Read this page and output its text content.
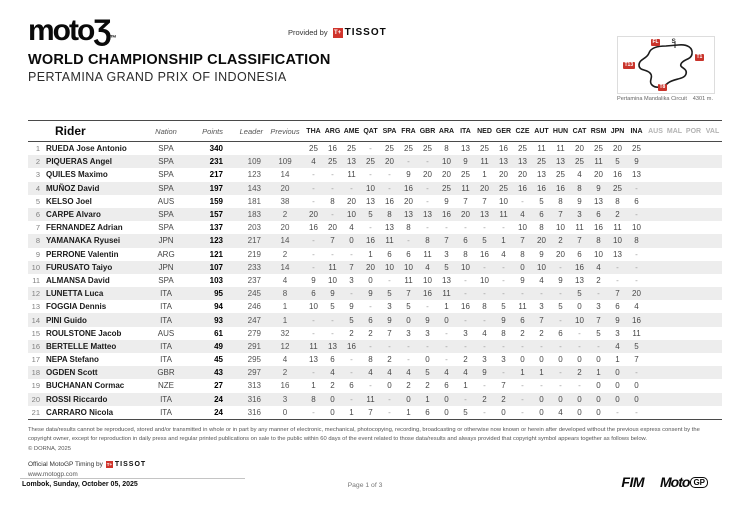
motoƷ™
Provided by T+ TISSOT
WORLD CHAMPIONSHIP CLASSIFICATION
PERTAMINA GRAND PRIX OF INDONESIA
FL S
T1
T13
T8
Pertamina Mandalika Circuit 4301 m.
	Rider	Nation	Points	Leader	Previous	THA	ARG	AME	QAT	SPA	FRA	GBR	ARA	ITA	NED	GER	CZE	AUT	HUN	CAT	RSM	JPN	INA	AUS	MAL	POR	VAL
1	RUEDA Jose Antonio	SPA	340			25	16	25	-	25	25	25	8	13	25	16	25	11	11	20	25	20	25				
2	PIQUERAS Angel	SPA	231	109	109	4	25	13	25	20	-	-	10	9	11	13	13	25	13	25	11	5	9				
3	QUILES Maximo	SPA	217	123	14	-	-	11	-	-	9	20	20	25	1	20	20	13	25	4	20	16	13				
4	MUÑOZ David	SPA	197	143	20	-	-	-	10	-	16	-	25	11	20	25	16	16	16	8	9	25	-				
5	KELSO Joel	AUS	159	181	38	-	8	20	13	16	20	-	9	7	7	10	-	5	8	9	13	8	6				
6	CARPE Alvaro	SPA	157	183	2	20	-	10	5	8	13	13	16	20	13	11	4	6	7	3	6	2	-				
7	FERNANDEZ Adrian	SPA	137	203	20	16	20	4	-	13	8	-	-	-	-	-	10	8	10	11	16	11	10				
8	YAMANAKA Ryusei	JPN	123	217	14	-	7	0	16	11	-	8	7	6	5	1	7	20	2	7	8	10	8				
9	PERRONE Valentin	ARG	121	219	2	-	-	-	1	6	6	11	3	8	16	4	8	9	20	6	10	13	-				
10	FURUSATO Taiyo	JPN	107	233	14	-	11	7	20	10	10	4	5	10	-	-	0	10	-	16	4	-	-				
11	ALMANSA David	SPA	103	237	4	9	10	3	0	-	11	10	13	-	10	-	9	4	9	13	2	-	-				
12	LUNETTA Luca	ITA	95	245	8	6	9	-	9	5	7	16	11	-	-	-	-	-	-	5	-	7	20				
13	FOGGIA Dennis	ITA	94	246	1	10	5	9	-	3	5	-	1	16	8	5	11	3	5	0	3	6	4				
14	PINI Guido	ITA	93	247	1	-	-	5	6	9	0	9	0	-	-	9	6	7	-	10	7	9	16				
15	ROULSTONE Jacob	AUS	61	279	32	-	-	2	2	7	3	3	-	3	4	8	2	2	6	-	5	3	11				
16	BERTELLE Matteo	ITA	49	291	12	11	13	16	-	-	-	-	-	-	-	-	-	-	-	-	-	4	5				
17	NEPA Stefano	ITA	45	295	4	13	6	-	8	2	-	0	-	2	3	3	0	0	0	0	0	1	7				
18	OGDEN Scott	GBR	43	297	2	-	4	-	4	4	4	5	4	4	9	-	1	1	-	2	1	0	-				
19	BUCHANAN Cormac	NZE	27	313	16	1	2	6	-	0	2	2	6	1	-	7	-	-	-	-	0	0	0				
20	ROSSI Riccardo	ITA	24	316	3	8	0	-	11	-	0	1	0	-	2	2	-	0	0	0	0	0	0				
21	CARRARO Nicola	ITA	24	316	0	-	0	1	7	-	1	6	0	5	-	0	-	0	4	0	0	-	-				
These data/results cannot be reproduced, stored and/or transmitted in whole or in part by any manner of electronic, mechanical, photocopying, recording, broadcasting or otherwise now known or herein after developed without the previous express consent by the copyright owner, except for reproduction in daily press and regular printed publications on sale to the public within 60 days of the event related to those data/results and always provided that copyright symbol appears together as follows below.
© DORNA, 2025
Official MotoGP Timing by T+ TISSOT
www.motogp.com
Lombok, Sunday, October 05, 2025	Page 1 of 3	FIM Moto GP
